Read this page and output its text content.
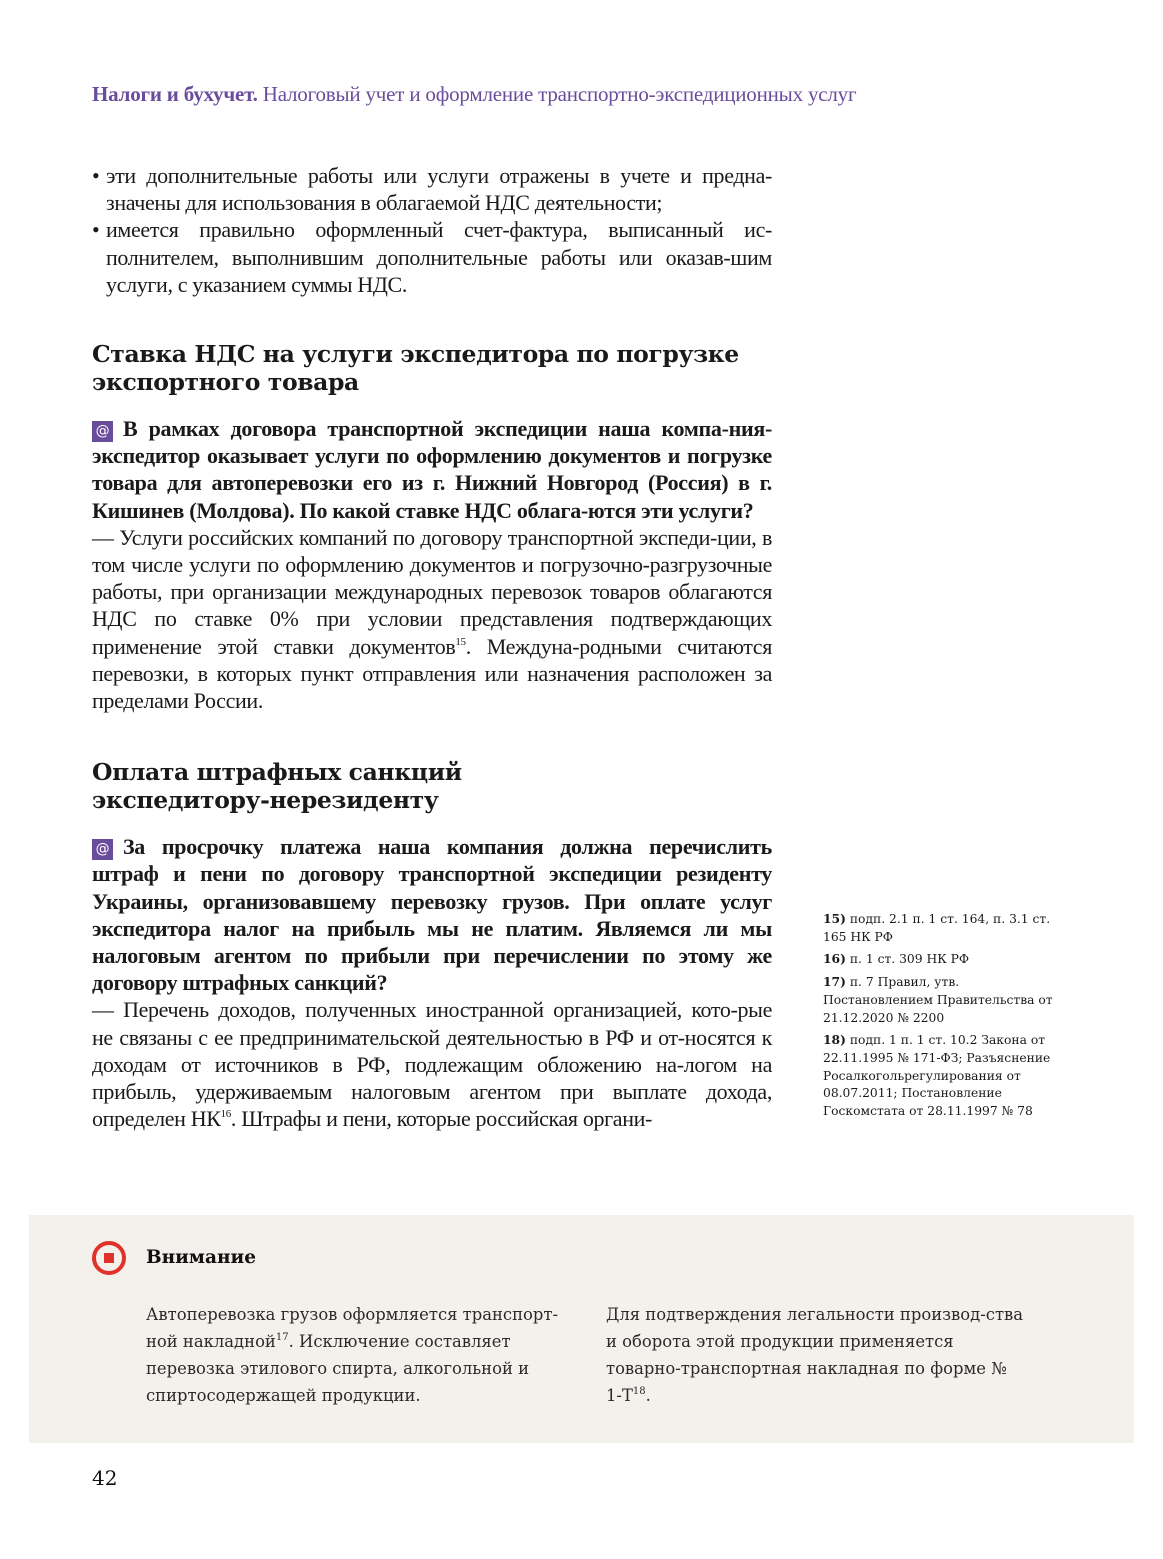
Налоги и бухучет. Налоговый учет и оформление транспортно-экспедиционных услуг
• эти дополнительные работы или услуги отражены в учете и предна-значены для использования в облагаемой НДС деятельности;
• имеется правильно оформленный счет-фактура, выписанный ис-полнителем, выполнившим дополнительные работы или оказав-шим услуги, с указанием суммы НДС.
Ставка НДС на услуги экспедитора по погрузке
экспортного товара
@ В рамках договора транспортной экспедиции наша компа-ния-экспедитор оказывает услуги по оформлению документов и погрузке товара для автоперевозки его из г. Нижний Новгород (Россия) в г. Кишинев (Молдова). По какой ставке НДС облага-ются эти услуги?
— Услуги российских компаний по договору транспортной экспеди-ции, в том числе услуги по оформлению документов и погрузочно-разгрузочные работы, при организации международных перевозок товаров облагаются НДС по ставке 0% при условии представления подтверждающих применение этой ставки документов$^{15}$. Междуна-родными считаются перевозки, в которых пункт отправления или назначения расположен за пределами России.
Оплата штрафных санкций
экспедитору-нерезиденту
@ За просрочку платежа наша компания должна перечислить штраф и пени по договору транспортной экспедиции резиденту Украины, организовавшему перевозку грузов. При оплате услуг экспедитора налог на прибыль мы не платим. Являемся ли мы налоговым агентом по прибыли при перечислении по этому же договору штрафных санкций?
— Перечень доходов, полученных иностранной организацией, кото-рые не связаны с ее предпринимательской деятельностью в РФ и от-носятся к доходам от источников в РФ, подлежащим обложению на-логом на прибыль, удерживаемым налоговым агентом при выплате дохода, определен НК$^{16}$. Штрафы и пени, которые российская органи-
15) подп. 2.1 п. 1 ст. 164, п. 3.1 ст. 165 НК РФ
16) п. 1 ст. 309 НК РФ
17) п. 7 Правил, утв. Постановлением Правительства от 21.12.2020 № 2200
18) подп. 1 п. 1 ст. 10.2 Закона от 22.11.1995 № 171-ФЗ; Разъяснение Росалкогольрегулирования от 08.07.2011; Постановление Госкомстата от 28.11.1997 № 78
Внимание
Автоперевозка грузов оформляется транспорт-ной накладной$^{17}$. Исключение составляет перевозка этилового спирта, алкогольной и спиртосодержащей продукции.
Для подтверждения легальности производ-ства и оборота этой продукции применяется товарно-транспортная накладная по форме № $1-Т^{18}$.
42
